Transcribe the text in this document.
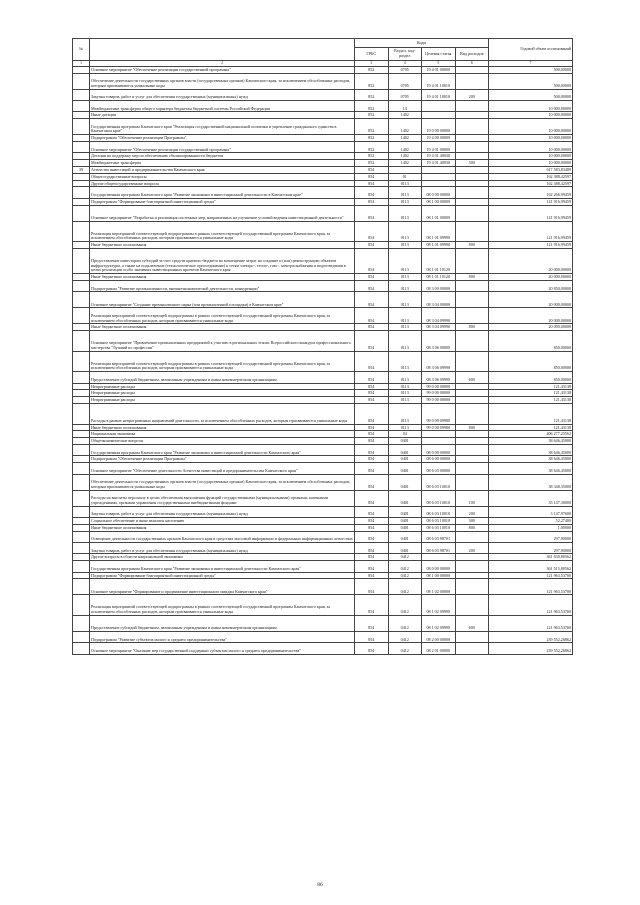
№		Коды				Годовой объем ассигнований
		ГРБС	Раздел, под-раздел	Целевая статья	Вид расходов	
1	2	3	4	5	6	7
	Основное мероприятие "Обеспечение реализации государственной программы"	852	0705	19 4 01 00000		500,00000
	Обеспечение деятельности государственных органов власти (государственных органов) Камчатского края, за исключением обособленных расходов, которым присваиваются уникальные коды	852	0705	19 4 01 10010		500,00000
	Закупка товаров, работ и услуг для обеспечения государственных (муниципальных) нужд	852	0705	19 4 01 10010	200	500,00000
	Межбюджетные трансферты общего характера бюджетам бюджетной системы Российской Федерации	852	14			10 000,00000
	Иные дотации	852	1402			10 000,00000
	Государственная программа Камчатского края "Реализация государственной национальной политики и укрепление гражданского единства в Камчатском крае"	852	1402	19 0 00 00000		10 000,00000
	Подпрограмма "Обеспечение реализации Программы"	852	1402	19 4 00 00000		10 000,00000
	Основное мероприятие "Обеспечение реализации государственной программы"	852	1402	19 4 01 00000		10 000,00000
	Дотации на поддержку мер по обеспечению сбалансированности бюджетов	852	1402	19 4 01 40030		10 000,00000
	Межбюджетные трансферты	852	1402	19 4 01 40030	500	10 000,00000
39	Агентство инвестиций и предпринимательства Камчатского края	854				617 583,83489
	Общегосударственные вопросы	854	01			162 388,42597
	Другие общегосударственные вопросы	854	0113			162 388,42597
	Государственная программа Камчатского края "Развитие экономики и инвестиционной деятельности в Камчатском крае"	854	0113	08 0 00 00000		162 266,99459
	Подпрограмма "Формирование благоприятной инвестиционной среды"	854	0113	08 1 00 00000		141 916,99459
	Основное мероприятие "Разработка и реализация системных мер, направленных на улучшение условий ведения инвестиционной деятельности"	854	0113	08 1 01 00000		141 916,99459
	Реализация мероприятий соответствующей подпрограммы в рамках соответствующей государственной программы Камчатского края, за исключением обособленных расходов, которым присваиваются уникальные коды	854	0113	08 1 01 09990		121 916,99459
	Иные бюджетные ассигнования	854	0113	08 1 01 09990	800	121 916,99459
	Предоставление инвесторам субсидий за счет средств краевого бюджета на возмещение затрат на создание и (или) реконструкцию объектов инфраструктуры, а также на подключение (технологическое присоединение) к сетям электро-, тепло-, газо-, электроснабжения и водоотведения в целях реализации особо значимых инвестиционных проектов Камчатского края	854	0113	08 1 01 10120		20 000,00000
	Иные бюджетные ассигнования	854	0113	08 1 01 10120	800	20 000,00000
	Подпрограмма "Развитие промышленности, внешнеэкономической деятельности, конкуренции"	854	0113	08 3 00 00000		20 850,00000
	Основное мероприятие "Создание промышленного парка (или промышленной площадки) в Камчатском крае"	854	0113	08 3 04 00000		20 000,00000
	Реализация мероприятий соответствующей подпрограммы в рамках соответствующей государственной программы Камчатского края, за исключением обособленных расходов, которым присваиваются уникальные коды	854	0113	08 3 04 09990		20 000,00000
	Иные бюджетные ассигнования	854	0113	08 3 04 09990	800	20 000,00000
	Основное мероприятие "Привлечение промышленных предприятий к участию в региональных этапах Всероссийского конкурса профессионального мастерства "Лучший по профессии"	854	0113	08 3 06 00000		850,00000
	Реализация мероприятий соответствующей подпрограммы в рамках соответствующей государственной программы Камчатского края, за исключением обособленных расходов, которым присваиваются уникальные коды	854	0113	08 3 06 09990		850,00000
	Предоставление субсидий бюджетным, автономным учреждениям и иным некоммерческим организациям	854	0113	08 3 06 09990	600	850,00000
	Непрограммные расходы	854	0113	99 0 00 00000		121,43138
	Непрограммные расходы	854	0113	99 0 00 00000		121,43138
	Непрограммные расходы	854	0113	99 0 00 00000		121,43138
	Расходы в рамках непрограммных направлений деятельности, за исключением обособленных расходов, которым присваиваются уникальные коды	854	0113	99 0 00 09980		121,43138
	Иные бюджетные ассигнования	854	0113	99 0 00 09980	800	121,43138
	Национальная экономика	854	04			406 277,25562
	Общеэкономические вопросы	854	0401			38 646,45000
	Государственная программа Камчатского края "Развитие экономики и инвестиционной деятельности Камчатского края"	854	0401	08 0 00 00000		38 646,45000
	Подпрограмма "Обеспечение реализации Программы"	854	0401	08 6 00 00000		38 646,45000
	Основное мероприятие "Обеспечение деятельности Агентства инвестиций и предпринимательства Камчатского края"	854	0401	08 6 03 00000		38 646,45000
	Обеспечение деятельности государственных органов власти (государственных органов) Камчатского края, за исключением обособленных расходов, которым присваиваются уникальные коды	854	0401	08 6 03 10010		38 348,35000
	Расходы на выплаты персоналу в целях обеспечения выполнения функций государственными (муниципальными) органами, казенными учреждениями, органами управления государственными внебюджетными фондами	854	0401	08 6 03 10010	100	35 147,30000
	Закупка товаров, работ и услуг для обеспечения государственных (муниципальных) нужд	854	0401	08 6 03 10010	200	3 147,97600
	Социальное обеспечение и иные выплаты населению	854	0401	08 6 03 10010	300	52,27400
	Иные бюджетные ассигнования	854	0401	08 6 03 10010	800	1,00000
	Освещение деятельности государственных органов Камчатского края в средствах массовой информации и федеральных информационных агентствах	854	0401	08 6 03 98701		297,90000
	Закупка товаров, работ и услуг для обеспечения государственных (муниципальных) нужд	854	0401	08 6 03 98701	200	297,90000
	Другие вопросы в области национальной экономики	854	0412			361 630,80562
	Государственная программа Камчатского края "Развитие экономики и инвестиционной деятельности Камчатского края"	854	0412	08 0 00 00000		361 515,80562
	Подпрограмма "Формирование благоприятной инвестиционной среды"	854	0412	08 1 00 00000		121 963,53700
	Основное мероприятие "Формирование и продвижение инвестиционного имиджа Камчатского края"	854	0412	08 1 02 00000		121 963,53700
	Реализация мероприятий соответствующей подпрограммы в рамках соответствующей государственной программы Камчатского края, за исключением обособленных расходов, которым присваиваются уникальные коды	854	0412	08 1 02 09990		121 963,53700
	Предоставление субсидий бюджетным, автономным учреждениям и иным некоммерческим организациям	854	0412	08 1 02 09990	600	121 963,53700
	Подпрограмма "Развитие субъектов малого и среднего предпринимательства"	854	0412	08 2 00 00000		239 552,26862
	Основное мероприятие "Оказание мер государственной поддержки субъектам малого и среднего предпринимательства"	854	0412	08 2 01 00000		239 552,26862
86
